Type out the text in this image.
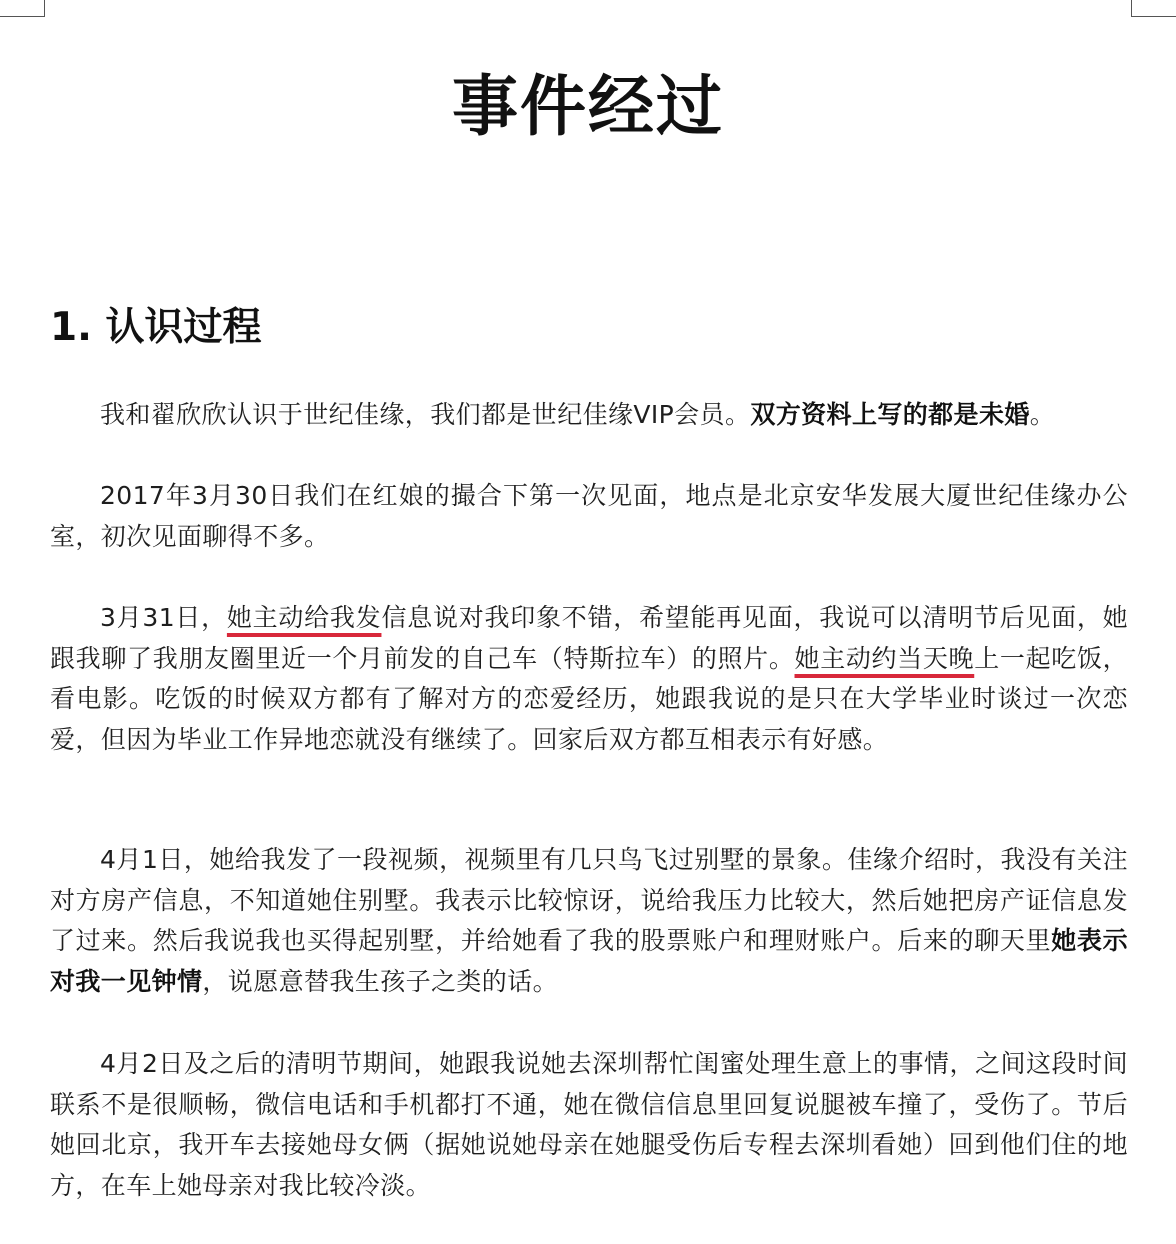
事件经过
1. 认识过程

我和翟欣欣认识于世纪佳缘，我们都是世纪佳缘VIP会员。双方资料上写的都是未婚。

2017年3月30日我们在红娘的撮合下第一次见面，地点是北京安华发展大厦世纪佳缘办公室，初次见面聊得不多。

3月31日，她主动给我发信息说对我印象不错，希望能再见面，我说可以清明节后见面，她跟我聊了我朋友圈里近一个月前发的自己车（特斯拉车）的照片。她主动约当天晚上一起吃饭，看电影。吃饭的时候双方都有了解对方的恋爱经历，她跟我说的是只在大学毕业时谈过一次恋爱，但因为毕业工作异地恋就没有继续了。回家后双方都互相表示有好感。

4月1日，她给我发了一段视频，视频里有几只鸟飞过别墅的景象。佳缘介绍时，我没有关注对方房产信息，不知道她住别墅。我表示比较惊讶，说给我压力比较大，然后她把房产证信息发了过来。然后我说我也买得起别墅，并给她看了我的股票账户和理财账户。后来的聊天里她表示对我一见钟情，说愿意替我生孩子之类的话。

4月2日及之后的清明节期间，她跟我说她去深圳帮忙闺蜜处理生意上的事情，之间这段时间联系不是很顺畅，微信电话和手机都打不通，她在微信信息里回复说腿被车撞了，受伤了。节后她回北京，我开车去接她母女俩（据她说她母亲在她腿受伤后专程去深圳看她）回到他们住的地方，在车上她母亲对我比较冷淡。
